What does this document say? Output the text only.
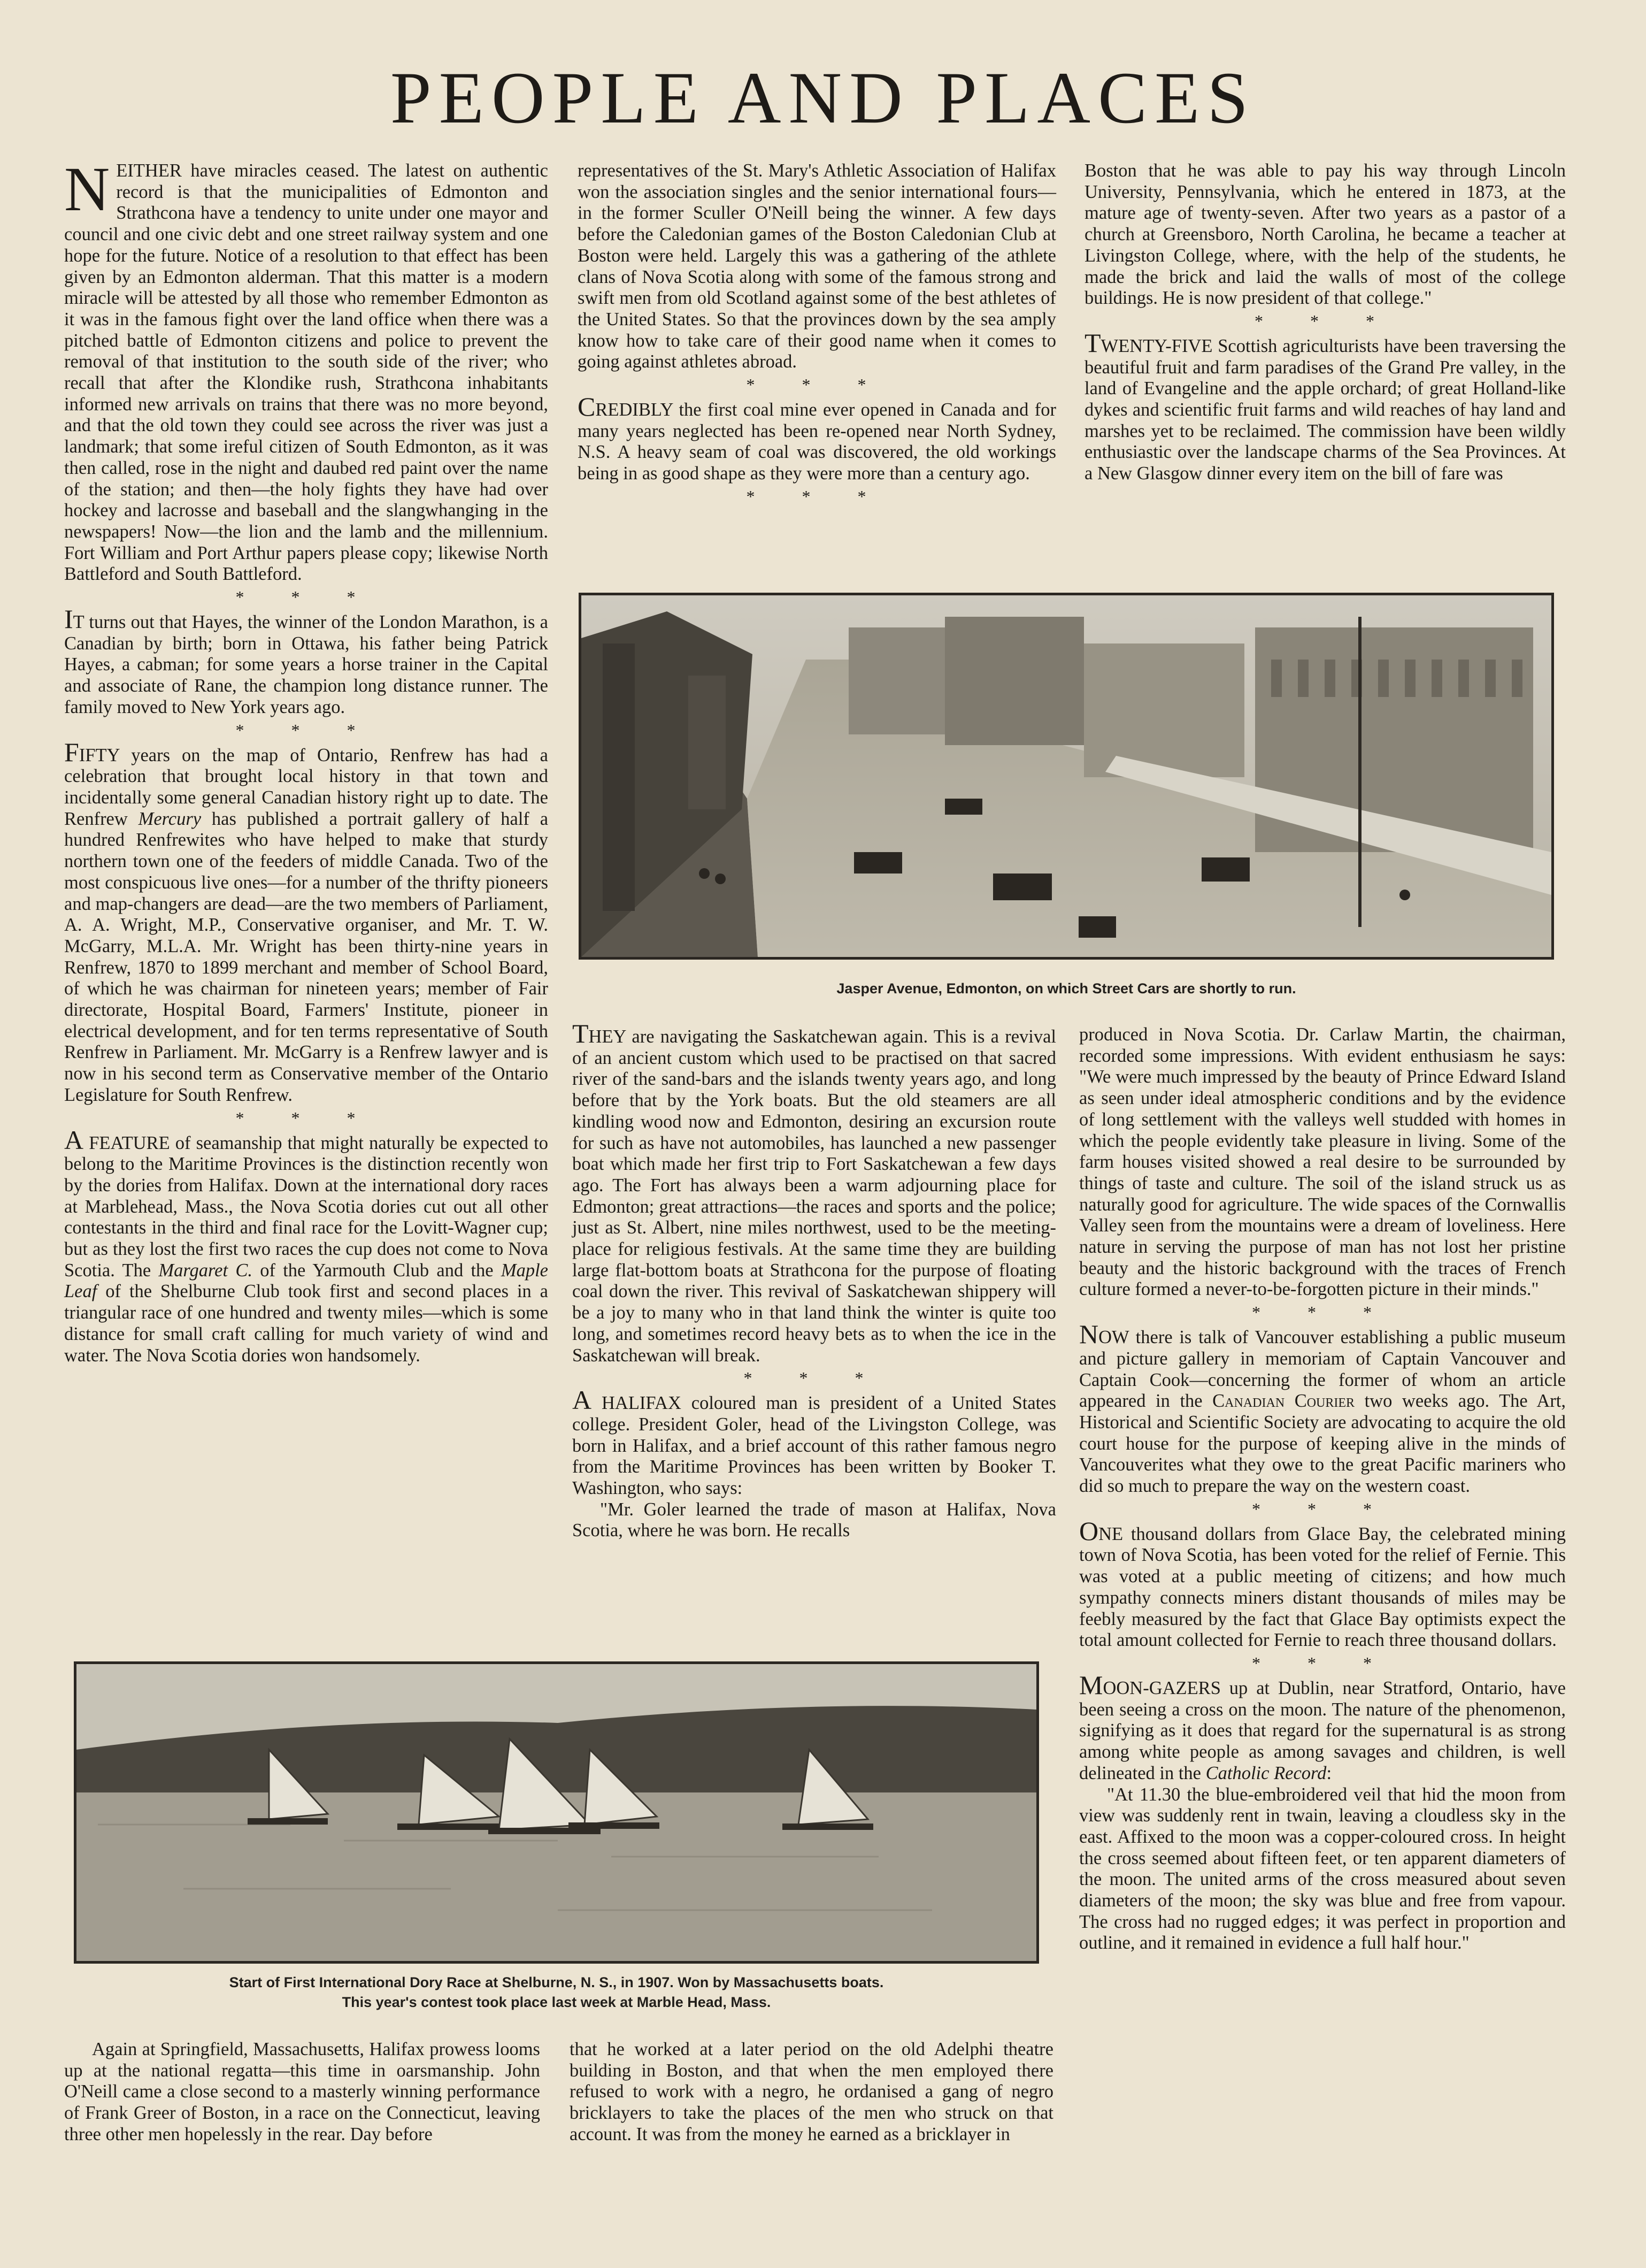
PEOPLE AND PLACES

NEITHER have miracles ceased. The latest on authentic record is that the municipalities of Edmonton and Strathcona have a tendency to unite under one mayor and council and one civic debt and one street railway system and one hope for the future. Notice of a resolution to that effect has been given by an Edmonton alderman. That this matter is a modern miracle will be attested by all those who remember Edmonton as it was in the famous fight over the land office when there was a pitched battle of Edmonton citizens and police to prevent the removal of that institution to the south side of the river; who recall that after the Klondike rush, Strathcona inhabitants informed new arrivals on trains that there was no more beyond, and that the old town they could see across the river was just a landmark; that some ireful citizen of South Edmonton, as it was then called, rose in the night and daubed red paint over the name of the station; and then—the holy fights they have had over hockey and lacrosse and baseball and the slangwhanging in the newspapers! Now—the lion and the lamb and the millennium. Fort William and Port Arthur papers please copy; likewise North Battleford and South Battleford.

* * *

IT turns out that Hayes, the winner of the London Marathon, is a Canadian by birth; born in Ottawa, his father being Patrick Hayes, a cabman; for some years a horse trainer in the Capital and associate of Rane, the champion long distance runner. The family moved to New York years ago.

* * *

FIFTY years on the map of Ontario, Renfrew has had a celebration that brought local history in that town and incidentally some general Canadian history right up to date. The Renfrew Mercury has published a portrait gallery of half a hundred Renfrewites who have helped to make that sturdy northern town one of the feeders of middle Canada. Two of the most conspicuous live ones—for a number of the thrifty pioneers and map-changers are dead—are the two members of Parliament, A. A. Wright, M.P., Conservative organiser, and Mr. T. W. McGarry, M.L.A. Mr. Wright has been thirty-nine years in Renfrew, 1870 to 1899 merchant and member of School Board, of which he was chairman for nineteen years; member of Fair directorate, Hospital Board, Farmers' Institute, pioneer in electrical development, and for ten terms representative of South Renfrew in Parliament. Mr. McGarry is a Renfrew lawyer and is now in his second term as Conservative member of the Ontario Legislature for South Renfrew.

* * *

A FEATURE of seamanship that might naturally be expected to belong to the Maritime Provinces is the distinction recently won by the dories from Halifax. Down at the international dory races at Marblehead, Mass., the Nova Scotia dories cut out all other contestants in the third and final race for the Lovitt-Wagner cup; but as they lost the first two races the cup does not come to Nova Scotia. The Margaret C. of the Yarmouth Club and the Maple Leaf of the Shelburne Club took first and second places in a triangular race of one hundred and twenty miles—which is some distance for small craft calling for much variety of wind and water. The Nova Scotia dories won handsomely.

representatives of the St. Mary's Athletic Association of Halifax won the association singles and the senior international fours—in the former Sculler O'Neill being the winner. A few days before the Caledonian games of the Boston Caledonian Club at Boston were held. Largely this was a gathering of the athlete clans of Nova Scotia along with some of the famous strong and swift men from old Scotland against some of the best athletes of the United States. So that the provinces down by the sea amply know how to take care of their good name when it comes to going against athletes abroad.

* * *

CREDIBLY the first coal mine ever opened in Canada and for many years neglected has been re-opened near North Sydney, N.S. A heavy seam of coal was discovered, the old workings being in as good shape as they were more than a century ago.

* * *

Boston that he was able to pay his way through Lincoln University, Pennsylvania, which he entered in 1873, at the mature age of twenty-seven. After two years as a pastor of a church at Greensboro, North Carolina, he became a teacher at Livingston College, where, with the help of the students, he made the brick and laid the walls of most of the college buildings. He is now president of that college."

* * *

TWENTY-FIVE Scottish agriculturists have been traversing the beautiful fruit and farm paradises of the Grand Pre valley, in the land of Evangeline and the apple orchard; of great Holland-like dykes and scientific fruit farms and wild reaches of hay land and marshes yet to be reclaimed. The commission have been wildly enthusiastic over the landscape charms of the Sea Provinces. At a New Glasgow dinner every item on the bill of fare was

Jasper Avenue, Edmonton, on which Street Cars are shortly to run.

THEY are navigating the Saskatchewan again. This is a revival of an ancient custom which used to be practised on that sacred river of the sand-bars and the islands twenty years ago, and long before that by the York boats. But the old steamers are all kindling wood now and Edmonton, desiring an excursion route for such as have not automobiles, has launched a new passenger boat which made her first trip to Fort Saskatchewan a few days ago. The Fort has always been a warm adjourning place for Edmonton; great attractions—the races and sports and the police; just as St. Albert, nine miles northwest, used to be the meeting-place for religious festivals. At the same time they are building large flat-bottom boats at Strathcona for the purpose of floating coal down the river. This revival of Saskatchewan shippery will be a joy to many who in that land think the winter is quite too long, and sometimes record heavy bets as to when the ice in the Saskatchewan will break.

* * *

A HALIFAX coloured man is president of a United States college. President Goler, head of the Livingston College, was born in Halifax, and a brief account of this rather famous negro from the Maritime Provinces has been written by Booker T. Washington, who says:

"Mr. Goler learned the trade of mason at Halifax, Nova Scotia, where he was born. He recalls

produced in Nova Scotia. Dr. Carlaw Martin, the chairman, recorded some impressions. With evident enthusiasm he says: "We were much impressed by the beauty of Prince Edward Island as seen under ideal atmospheric conditions and by the evidence of long settlement with the valleys well studded with homes in which the people evidently take pleasure in living. Some of the farm houses visited showed a real desire to be surrounded by things of taste and culture. The soil of the island struck us as naturally good for agriculture. The wide spaces of the Cornwallis Valley seen from the mountains were a dream of loveliness. Here nature in serving the purpose of man has not lost her pristine beauty and the historic background with the traces of French culture formed a never-to-be-forgotten picture in their minds."

* * *

NOW there is talk of Vancouver establishing a public museum and picture gallery in memoriam of Captain Vancouver and Captain Cook—concerning the former of whom an article appeared in the Canadian Courier two weeks ago. The Art, Historical and Scientific Society are advocating to acquire the old court house for the purpose of keeping alive in the minds of Vancouverites what they owe to the great Pacific mariners who did so much to prepare the way on the western coast.

* * *

ONE thousand dollars from Glace Bay, the celebrated mining town of Nova Scotia, has been voted for the relief of Fernie. This was voted at a public meeting of citizens; and how much sympathy connects miners distant thousands of miles may be feebly measured by the fact that Glace Bay optimists expect the total amount collected for Fernie to reach three thousand dollars.

* * *

MOON-GAZERS up at Dublin, near Stratford, Ontario, have been seeing a cross on the moon. The nature of the phenomenon, signifying as it does that regard for the supernatural is as strong among white people as among savages and children, is well delineated in the Catholic Record:

"At 11.30 the blue-embroidered veil that hid the moon from view was suddenly rent in twain, leaving a cloudless sky in the east. Affixed to the moon was a copper-coloured cross. In height the cross seemed about fifteen feet, or ten apparent diameters of the moon. The united arms of the cross measured about seven diameters of the moon; the sky was blue and free from vapour. The cross had no rugged edges; it was perfect in proportion and outline, and it remained in evidence a full half hour."

Start of First International Dory Race at Shelburne, N. S., in 1907. Won by Massachusetts boats.
This year's contest took place last week at Marble Head, Mass.

Again at Springfield, Massachusetts, Halifax prowess looms up at the national regatta—this time in oarsmanship. John O'Neill came a close second to a masterly winning performance of Frank Greer of Boston, in a race on the Connecticut, leaving three other men hopelessly in the rear. Day before

that he worked at a later period on the old Adelphi theatre building in Boston, and that when the men employed there refused to work with a negro, he ordanised a gang of negro bricklayers to take the places of the men who struck on that account. It was from the money he earned as a bricklayer in
